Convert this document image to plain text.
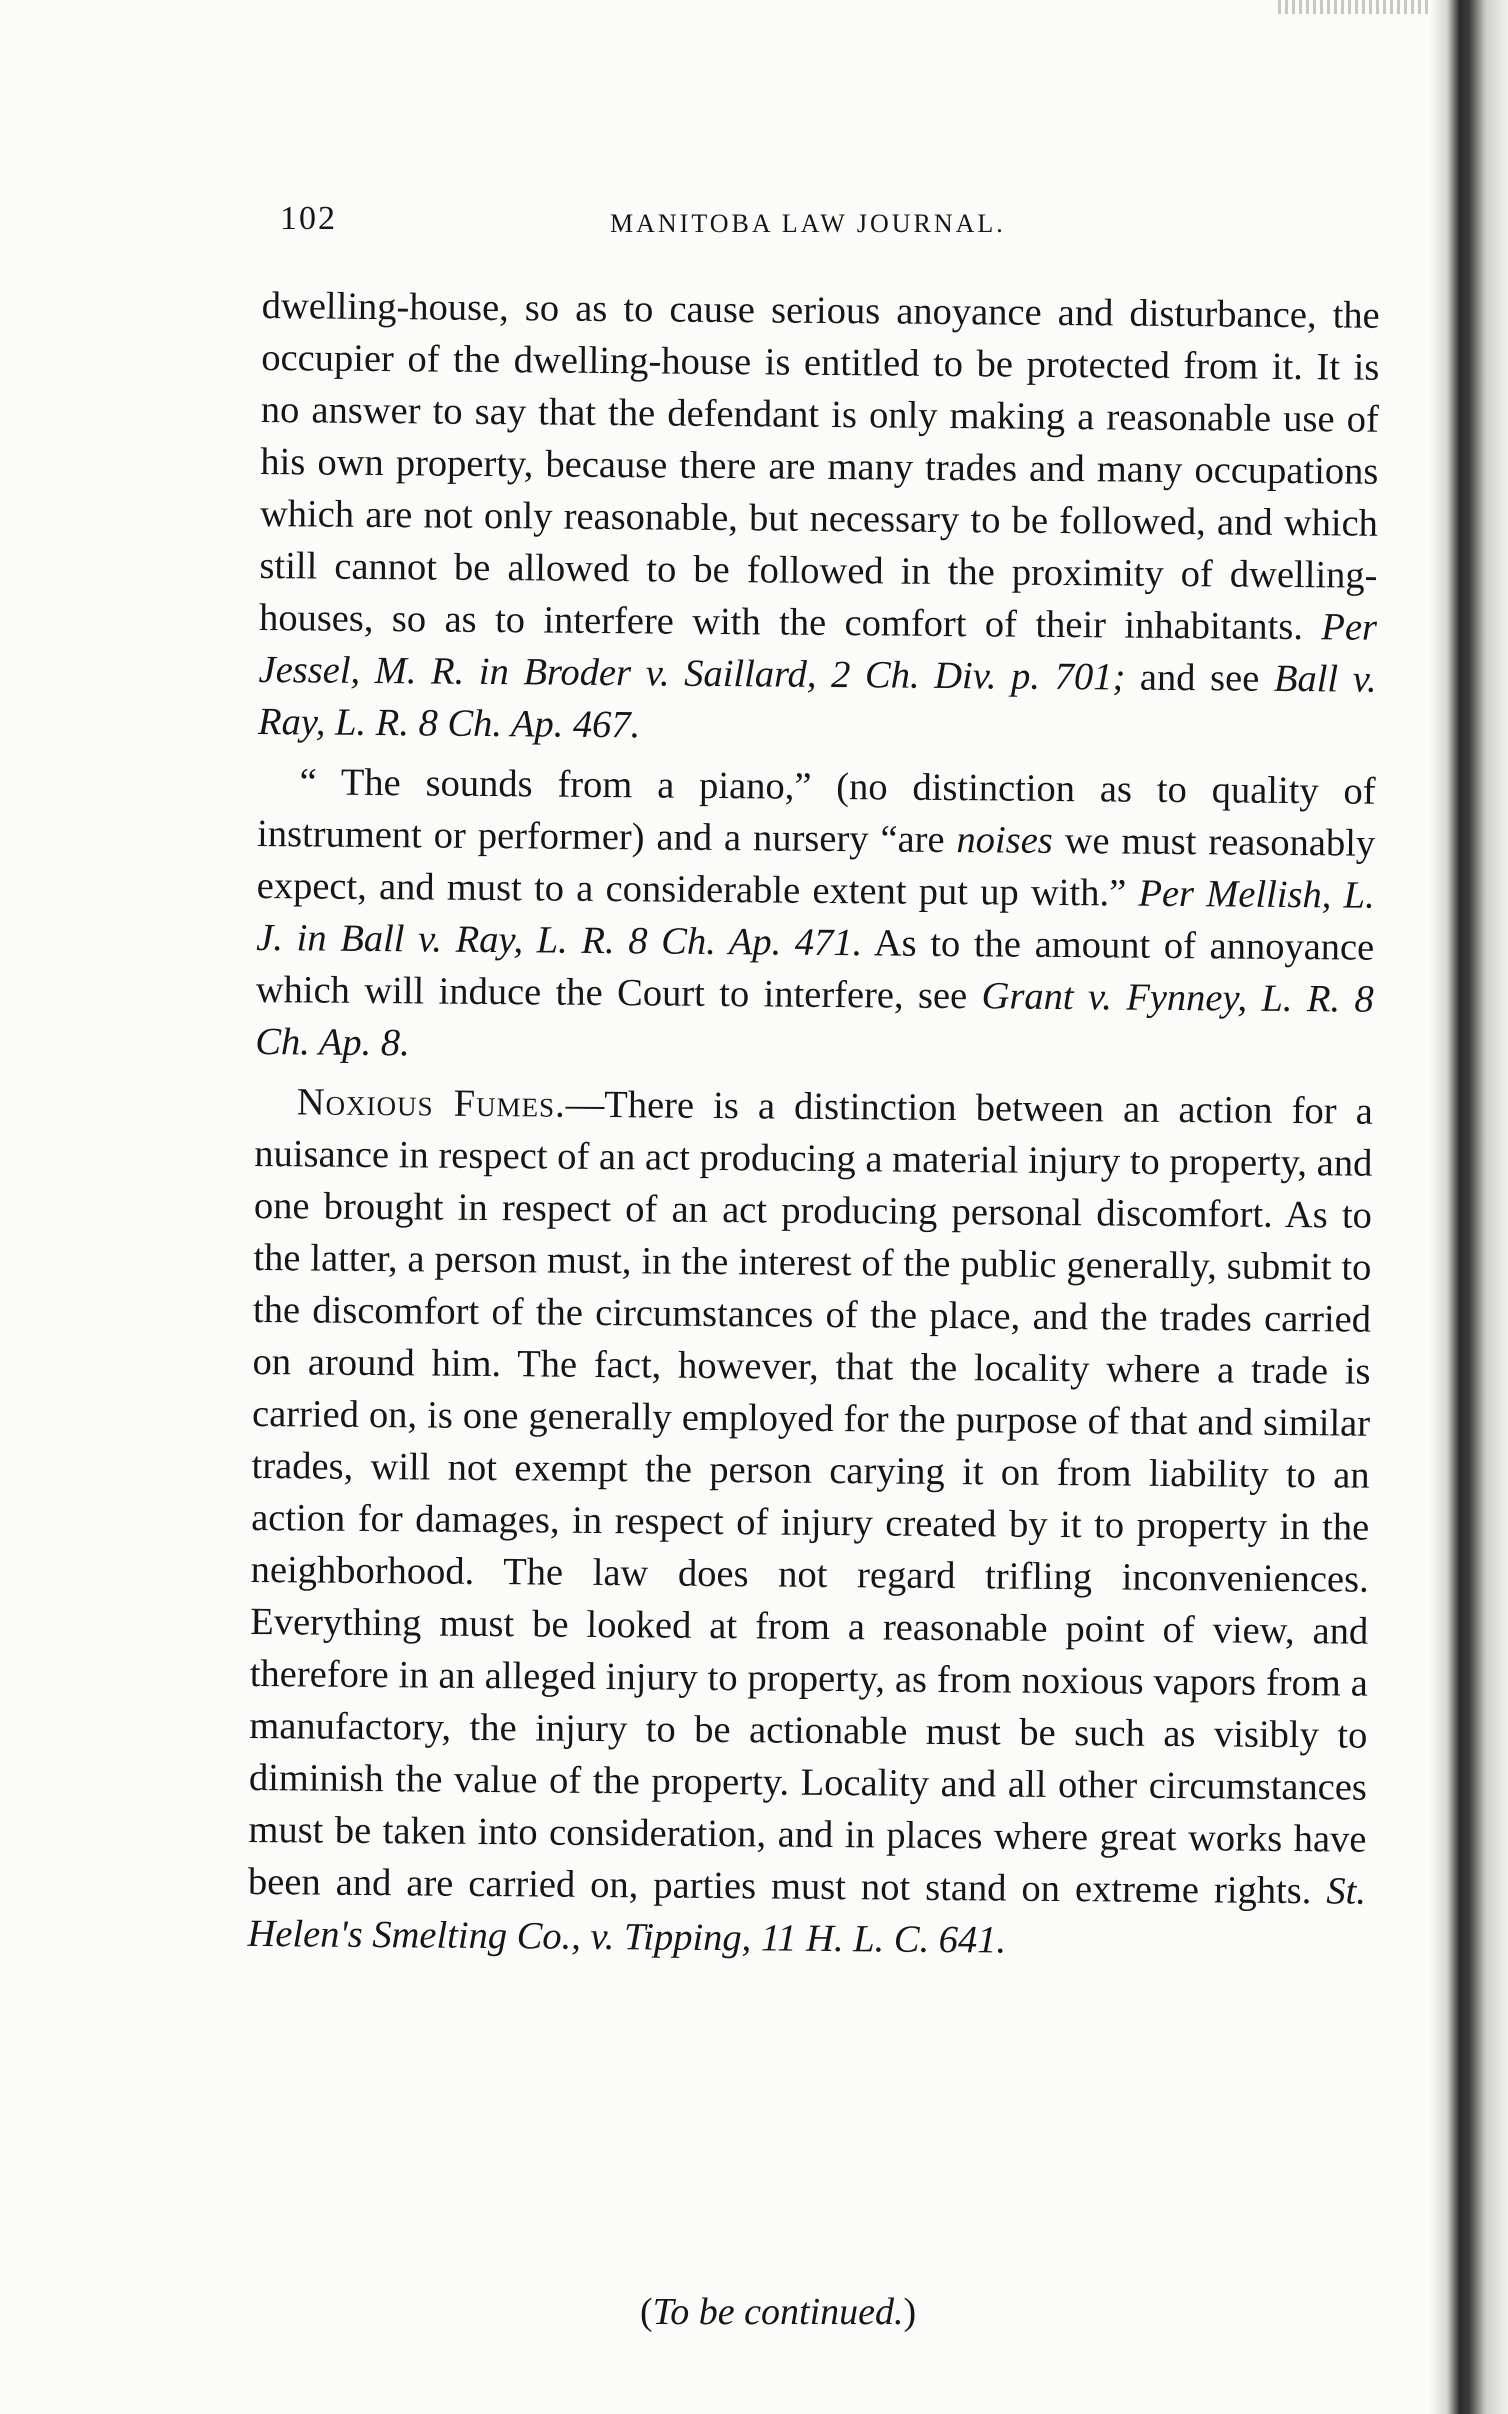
102	MANITOBA LAW JOURNAL.

dwelling-house, so as to cause serious anoyance and disturbance, the occupier of the dwelling-house is entitled to be protected from it. It is no answer to say that the defendant is only making a reasonable use of his own property, because there are many trades and many occupations which are not only reasonable, but necessary to be followed, and which still cannot be allowed to be followed in the proximity of dwelling-houses, so as to interfere with the comfort of their inhabitants. Per Jessel, M. R. in Broder v. Saillard, 2 Ch. Div. p. 701; and see Ball v. Ray, L. R. 8 Ch. Ap. 467.

“ The sounds from a piano,” (no distinction as to quality of instrument or performer) and a nursery “are noises we must reasonably expect, and must to a considerable extent put up with.” Per Mellish, L. J. in Ball v. Ray, L. R. 8 Ch. Ap. 471. As to the amount of annoyance which will induce the Court to interfere, see Grant v. Fynney, L. R. 8 Ch. Ap. 8.

Noxious Fumes.—There is a distinction between an action for a nuisance in respect of an act producing a material injury to property, and one brought in respect of an act producing personal discomfort. As to the latter, a person must, in the interest of the public generally, submit to the discomfort of the circumstances of the place, and the trades carried on around him. The fact, however, that the locality where a trade is carried on, is one generally employed for the purpose of that and similar trades, will not exempt the person carying it on from liability to an action for damages, in respect of injury created by it to property in the neighborhood. The law does not regard trifling inconveniences. Everything must be looked at from a reasonable point of view, and therefore in an alleged injury to property, as from noxious vapors from a manufactory, the injury to be actionable must be such as visibly to diminish the value of the property. Locality and all other circumstances must be taken into consideration, and in places where great works have been and are carried on, parties must not stand on extreme rights. St. Helen's Smelting Co., v. Tipping, 11 H. L. C. 641.

(To be continued.)
